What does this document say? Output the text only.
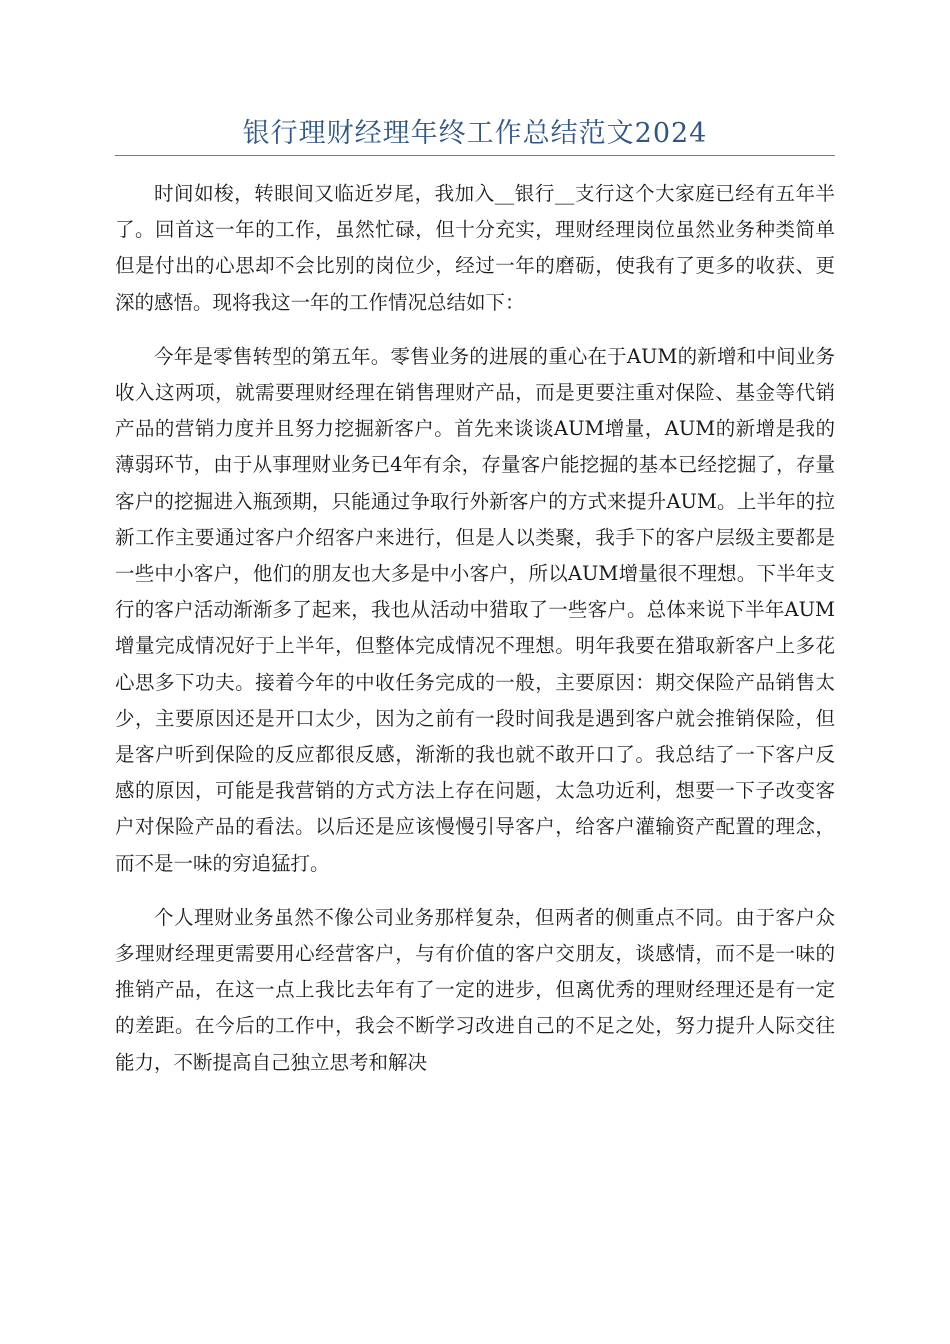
银行理财经理年终工作总结范文2024

时间如梭，转眼间又临近岁尾，我加入__银行__支行这个大家庭已经有五年半了。回首这一年的工作，虽然忙碌，但十分充实，理财经理岗位虽然业务种类简单但是付出的心思却不会比别的岗位少，经过一年的磨砺，使我有了更多的收获、更深的感悟。现将我这一年的工作情况总结如下：

今年是零售转型的第五年。零售业务的进展的重心在于AUM的新增和中间业务收入这两项，就需要理财经理在销售理财产品，而是更要注重对保险、基金等代销产品的营销力度并且努力挖掘新客户。首先来谈谈AUM增量，AUM的新增是我的薄弱环节，由于从事理财业务已4年有余，存量客户能挖掘的基本已经挖掘了，存量客户的挖掘进入瓶颈期，只能通过争取行外新客户的方式来提升AUM。上半年的拉新工作主要通过客户介绍客户来进行，但是人以类聚，我手下的客户层级主要都是一些中小客户，他们的朋友也大多是中小客户，所以AUM增量很不理想。下半年支行的客户活动渐渐多了起来，我也从活动中猎取了一些客户。总体来说下半年AUM增量完成情况好于上半年，但整体完成情况不理想。明年我要在猎取新客户上多花心思多下功夫。接着今年的中收任务完成的一般，主要原因：期交保险产品销售太少，主要原因还是开口太少，因为之前有一段时间我是遇到客户就会推销保险，但是客户听到保险的反应都很反感，渐渐的我也就不敢开口了。我总结了一下客户反感的原因，可能是我营销的方式方法上存在问题，太急功近利，想要一下子改变客户对保险产品的看法。以后还是应该慢慢引导客户，给客户灌输资产配置的理念，而不是一味的穷追猛打。

个人理财业务虽然不像公司业务那样复杂，但两者的侧重点不同。由于客户众多理财经理更需要用心经营客户，与有价值的客户交朋友，谈感情，而不是一味的推销产品，在这一点上我比去年有了一定的进步，但离优秀的理财经理还是有一定的差距。在今后的工作中，我会不断学习改进自己的不足之处，努力提升人际交往能力，不断提高自己独立思考和解决
